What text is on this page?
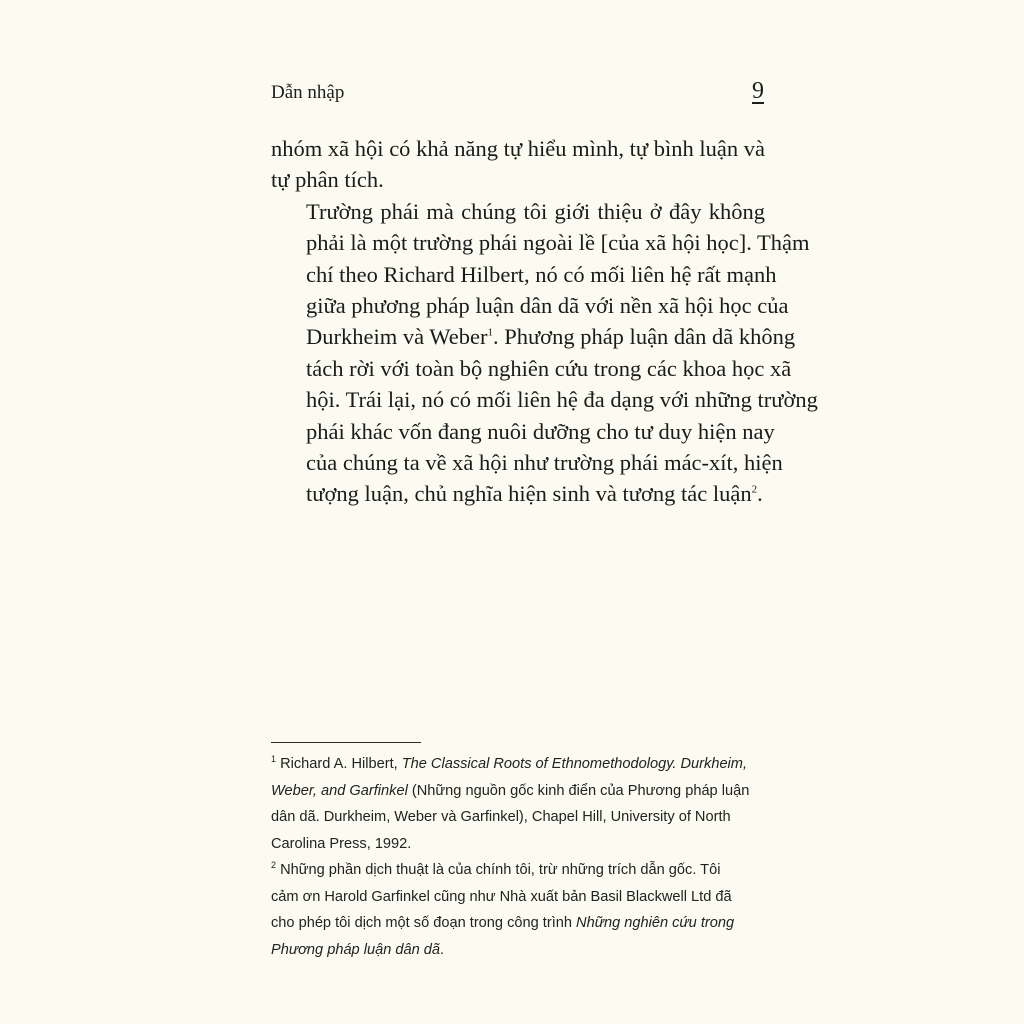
Dẫn nhập	9

nhóm xã hội có khả năng tự hiểu mình, tự bình luận và
tự phân tích.

Trường phái mà chúng tôi giới thiệu ở đây không
phải là một trường phái ngoài lề [của xã hội học]. Thậm
chí theo Richard Hilbert, nó có mối liên hệ rất mạnh
giữa phương pháp luận dân dã với nền xã hội học của
Durkheim và Weber$^1$. Phương pháp luận dân dã không
tách rời với toàn bộ nghiên cứu trong các khoa học xã
hội. Trái lại, nó có mối liên hệ đa dạng với những trường
phái khác vốn đang nuôi dưỡng cho tư duy hiện nay
của chúng ta về xã hội như trường phái mác-xít, hiện
tượng luận, chủ nghĩa hiện sinh và tương tác luận$^2$.

$^1$ Richard A. Hilbert, The Classical Roots of Ethnomethodology. Durkheim,
Weber, and Garfinkel (Những nguồn gốc kinh điển của Phương pháp luận
dân dã. Durkheim, Weber và Garfinkel), Chapel Hill, University of North
Carolina Press, 1992.
$^2$ Những phần dịch thuật là của chính tôi, trừ những trích dẫn gốc. Tôi
cảm ơn Harold Garfinkel cũng như Nhà xuất bản Basil Blackwell Ltd đã
cho phép tôi dịch một số đoạn trong công trình Những nghiên cứu trong
Phương pháp luận dân dã.
